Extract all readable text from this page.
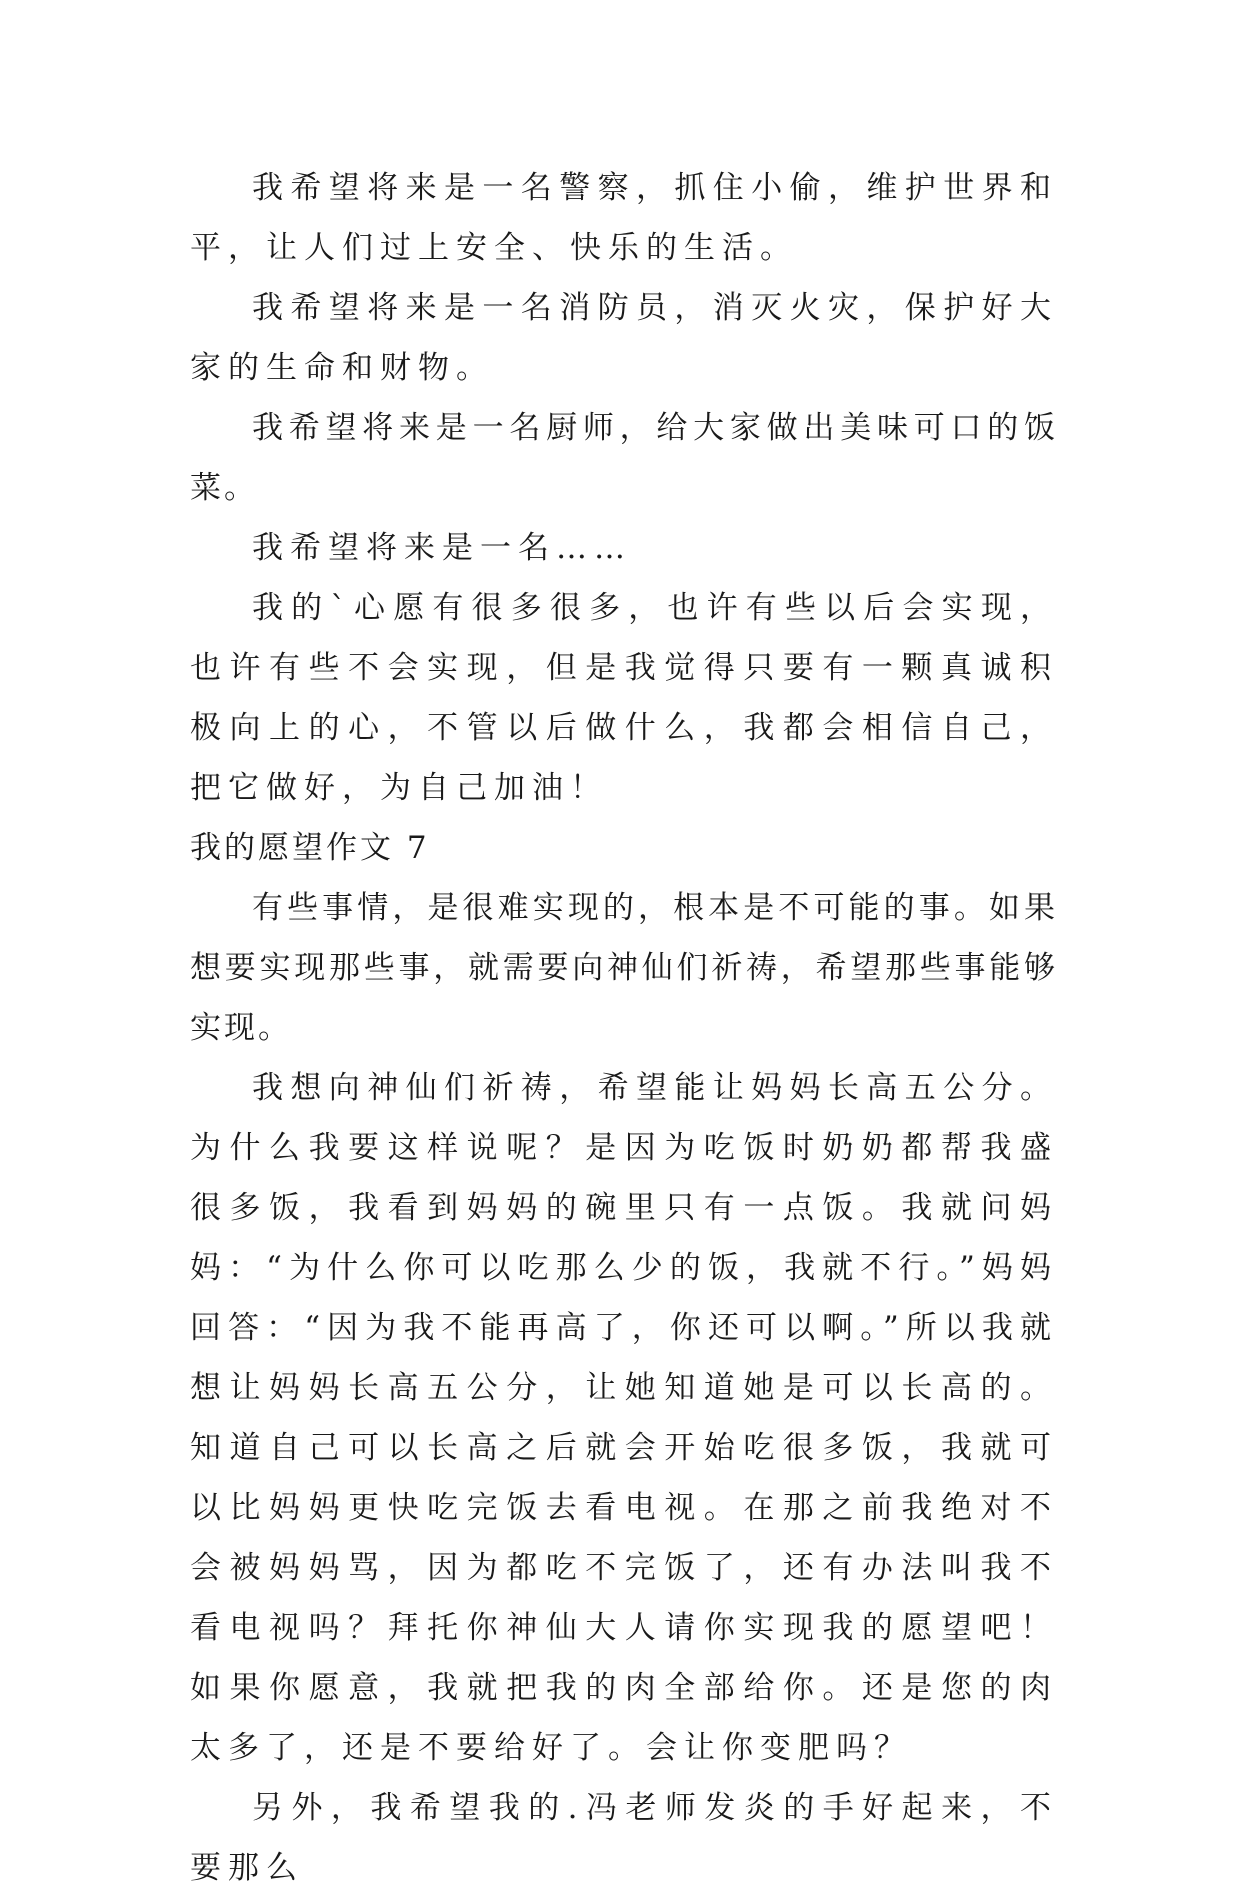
我希望将来是一名警察，抓住小偷，维护世界和平，让人们过上安全、快乐的生活。

我希望将来是一名消防员，消灭火灾，保护好大家的生命和财物。

我希望将来是一名厨师，给大家做出美味可口的饭菜。

我希望将来是一名……

我的`心愿有很多很多，也许有些以后会实现，也许有些不会实现，但是我觉得只要有一颗真诚积极向上的心，不管以后做什么，我都会相信自己，把它做好，为自己加油！

我的愿望作文 7

有些事情，是很难实现的，根本是不可能的事。如果想要实现那些事，就需要向神仙们祈祷，希望那些事能够实现。

我想向神仙们祈祷，希望能让妈妈长高五公分。为什么我要这样说呢？是因为吃饭时奶奶都帮我盛很多饭，我看到妈妈的碗里只有一点饭。我就问妈妈：“为什么你可以吃那么少的饭，我就不行。”妈妈回答：“因为我不能再高了，你还可以啊。”所以我就想让妈妈长高五公分，让她知道她是可以长高的。知道自己可以长高之后就会开始吃很多饭，我就可以比妈妈更快吃完饭去看电视。在那之前我绝对不会被妈妈骂，因为都吃不完饭了，还有办法叫我不看电视吗？拜托你神仙大人请你实现我的愿望吧！如果你愿意，我就把我的肉全部给你。还是您的肉太多了，还是不要给好了。会让你变肥吗？

另外，我希望我的.冯老师发炎的手好起来，不要那么
